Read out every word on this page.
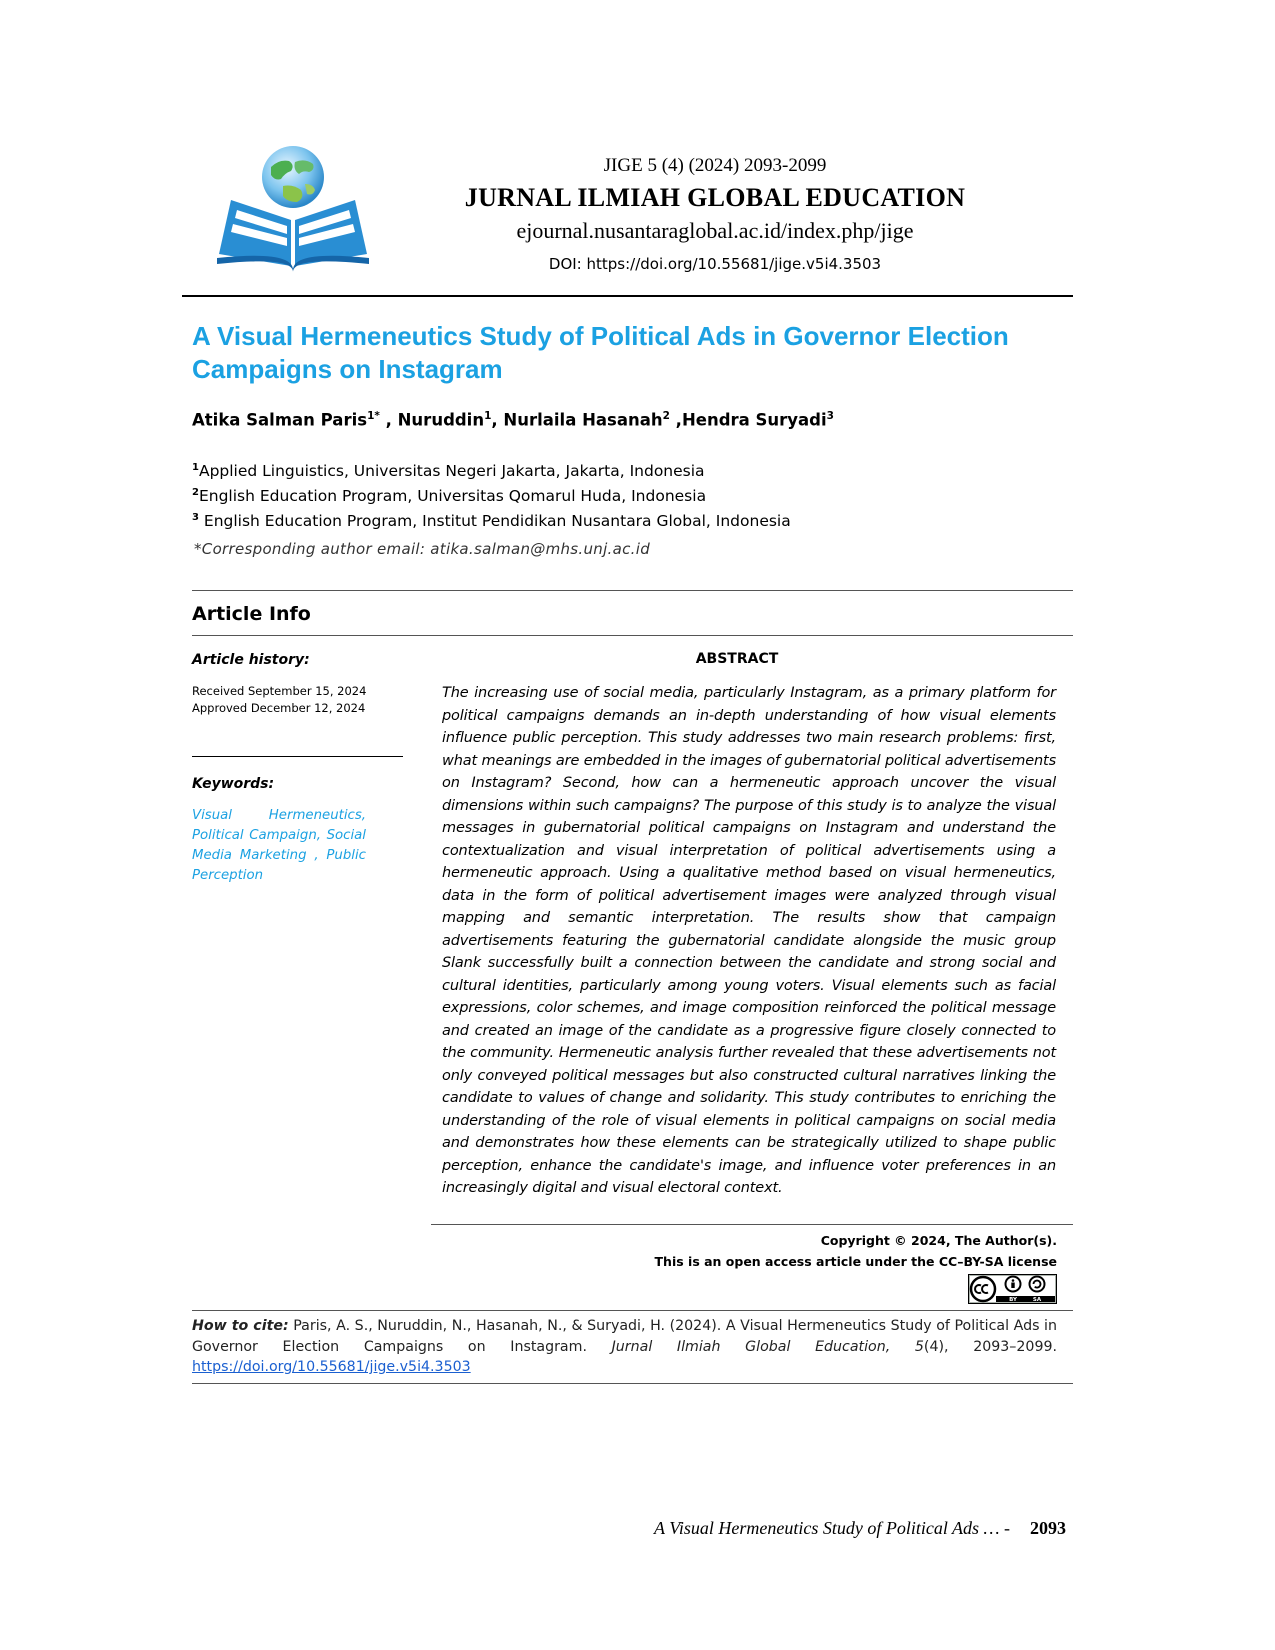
JIGE 5 (4) (2024) 2093-2099
JURNAL ILMIAH GLOBAL EDUCATION
ejournal.nusantaraglobal.ac.id/index.php/jige
DOI: https://doi.org/10.55681/jige.v5i4.3503
A Visual Hermeneutics Study of Political Ads in Governor Election Campaigns on Instagram
Atika Salman Paris$^{1*}$ , Nuruddin$^1$, Nurlaila Hasanah$^2$ ,Hendra Suryadi$^3$
$^1$Applied Linguistics, Universitas Negeri Jakarta, Jakarta, Indonesia
$^2$English Education Program, Universitas Qomarul Huda, Indonesia
$^3$ English Education Program, Institut Pendidikan Nusantara Global, Indonesia
*Corresponding author email: atika.salman@mhs.unj.ac.id
Article Info
Article history:
Received September 15, 2024
Approved December 12, 2024
Keywords:
Visual Hermeneutics, Political Campaign, Social Media Marketing , Public Perception
ABSTRACT
The increasing use of social media, particularly Instagram, as a primary platform for political campaigns demands an in-depth understanding of how visual elements influence public perception. This study addresses two main research problems: first, what meanings are embedded in the images of gubernatorial political advertisements on Instagram? Second, how can a hermeneutic approach uncover the visual dimensions within such campaigns? The purpose of this study is to analyze the visual messages in gubernatorial political campaigns on Instagram and understand the contextualization and visual interpretation of political advertisements using a hermeneutic approach. Using a qualitative method based on visual hermeneutics, data in the form of political advertisement images were analyzed through visual mapping and semantic interpretation. The results show that campaign advertisements featuring the gubernatorial candidate alongside the music group Slank successfully built a connection between the candidate and strong social and cultural identities, particularly among young voters. Visual elements such as facial expressions, color schemes, and image composition reinforced the political message and created an image of the candidate as a progressive figure closely connected to the community. Hermeneutic analysis further revealed that these advertisements not only conveyed political messages but also constructed cultural narratives linking the candidate to values of change and solidarity. This study contributes to enriching the understanding of the role of visual elements in political campaigns on social media and demonstrates how these elements can be strategically utilized to shape public perception, enhance the candidate's image, and influence voter preferences in an increasingly digital and visual electoral context.
Copyright © 2024, The Author(s).
This is an open access article under the CC–BY-SA license
BY	SA
How to cite: Paris, A. S., Nuruddin, N., Hasanah, N., & Suryadi, H. (2024). A Visual Hermeneutics Study of Political Ads in Governor Election Campaigns on Instagram. Jurnal Ilmiah Global Education, 5(4), 2093–2099. https://doi.org/10.55681/jige.v5i4.3503
A Visual Hermeneutics Study of Political Ads … - 2093
